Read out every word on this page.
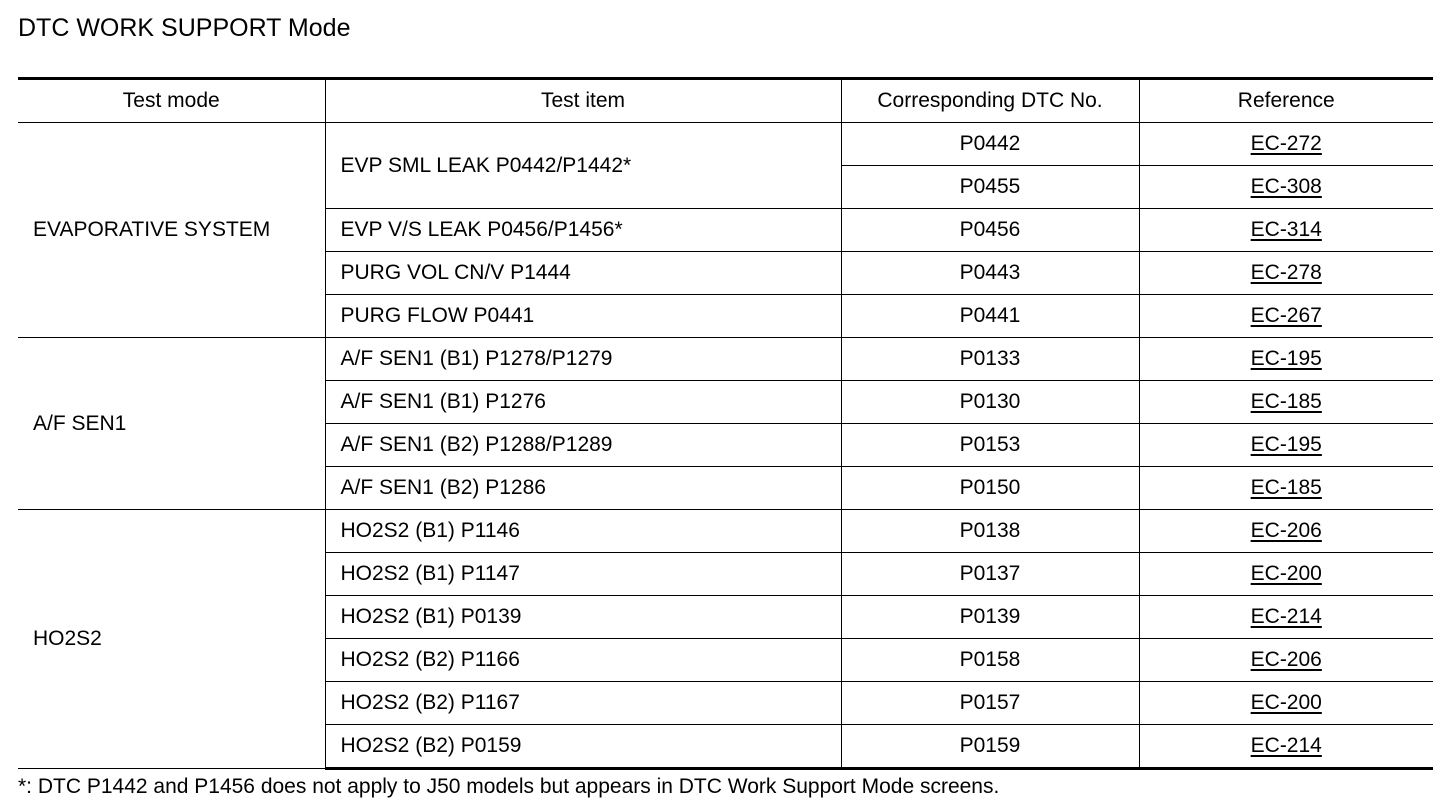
DTC WORK SUPPORT Mode
Test mode	Test item	Corresponding DTC No.	Reference
EVAPORATIVE SYSTEM	EVP SML LEAK P0442/P1442*	P0442	EC-272
		P0455	EC-308
	EVP V/S LEAK P0456/P1456*	P0456	EC-314
	PURG VOL CN/V P1444	P0443	EC-278
	PURG FLOW P0441	P0441	EC-267
A/F SEN1	A/F SEN1 (B1) P1278/P1279	P0133	EC-195
	A/F SEN1 (B1) P1276	P0130	EC-185
	A/F SEN1 (B2) P1288/P1289	P0153	EC-195
	A/F SEN1 (B2) P1286	P0150	EC-185
HO2S2	HO2S2 (B1) P1146	P0138	EC-206
	HO2S2 (B1) P1147	P0137	EC-200
	HO2S2 (B1) P0139	P0139	EC-214
	HO2S2 (B2) P1166	P0158	EC-206
	HO2S2 (B2) P1167	P0157	EC-200
	HO2S2 (B2) P0159	P0159	EC-214
*: DTC P1442 and P1456 does not apply to J50 models but appears in DTC Work Support Mode screens.
